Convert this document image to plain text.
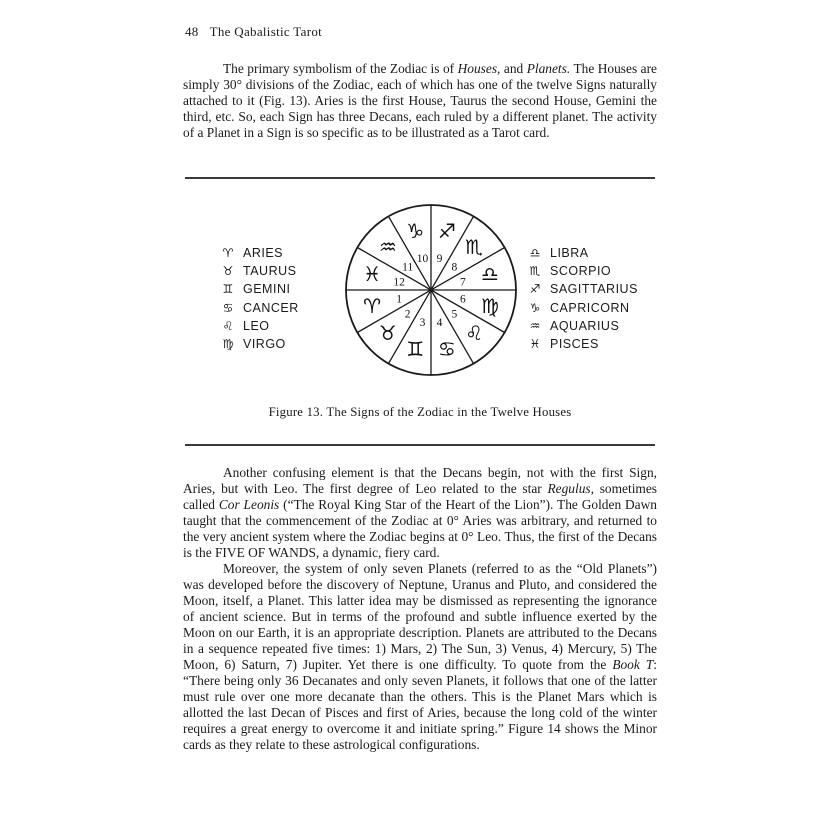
48 The Qabalistic Tarot

The primary symbolism of the Zodiac is of Houses, and Planets. The Houses are simply 30° divisions of the Zodiac, each of which has one of the twelve Signs naturally attached to it (Fig. 13). Aries is the first House, Taurus the second House, Gemini the third, etc. So, each Sign has three Decans, each ruled by a different planet. The activity of a Planet in a Sign is so specific as to be illustrated as a Tarot card.

♈ ARIES
♉ TAURUS
♊ GEMINI
♋ CANCER
♌ LEO
♍ VIRGO
1
♈ 2
♉ 3
♊
4
♋
5
♌
6 ♍
7 ♎
8
♏
9
♐
10
♑
11
♒
12
♓
♎ LIBRA
♏ SCORPIO
♐ SAGITTARIUS
♑ CAPRICORN
♒ AQUARIUS
♓ PISCES
Figure 13. The Signs of the Zodiac in the Twelve Houses

Another confusing element is that the Decans begin, not with the first Sign, Aries, but with Leo. The first degree of Leo related to the star Regulus, sometimes called Cor Leonis (“The Royal King Star of the Heart of the Lion”). The Golden Dawn taught that the commencement of the Zodiac at 0° Aries was arbitrary, and returned to the very ancient system where the Zodiac begins at 0° Leo. Thus, the first of the Decans is the FIVE OF WANDS, a dynamic, fiery card.

Moreover, the system of only seven Planets (referred to as the “Old Planets”) was developed before the discovery of Neptune, Uranus and Pluto, and considered the Moon, itself, a Planet. This latter idea may be dismissed as representing the ignorance of ancient science. But in terms of the profound and subtle influence exerted by the Moon on our Earth, it is an appropriate description. Planets are attributed to the Decans in a sequence repeated five times: 1) Mars, 2) The Sun, 3) Venus, 4) Mercury, 5) The Moon, 6) Saturn, 7) Jupiter. Yet there is one difficulty. To quote from the Book T: “There being only 36 Decanates and only seven Planets, it follows that one of the latter must rule over one more decanate than the others. This is the Planet Mars which is allotted the last Decan of Pisces and first of Aries, because the long cold of the winter requires a great energy to overcome it and initiate spring.” Figure 14 shows the Minor cards as they relate to these astrological configurations.
